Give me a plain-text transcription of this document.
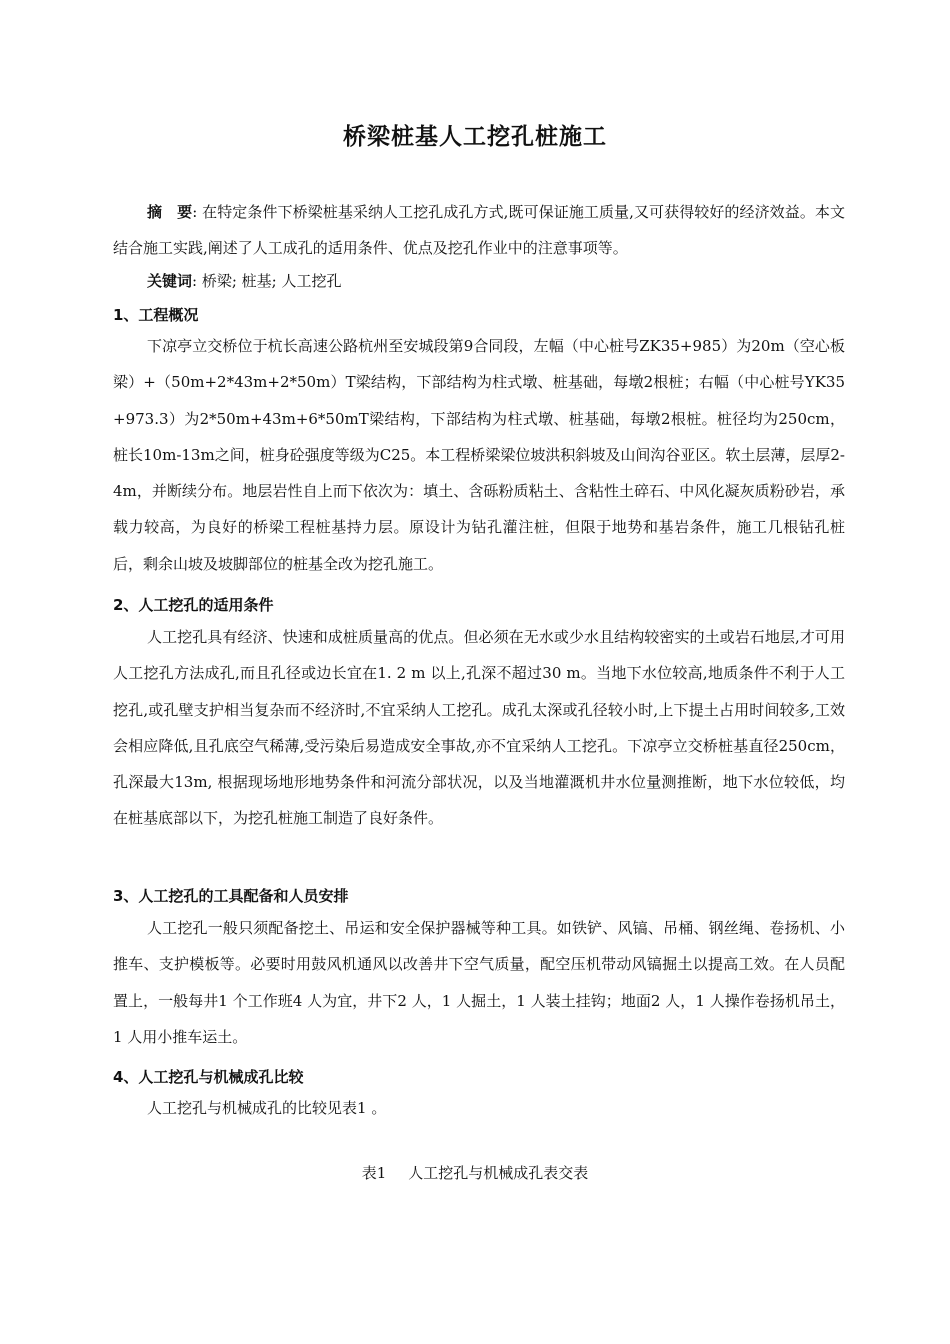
桥梁桩基人工挖孔桩施工
摘　要: 在特定条件下桥梁桩基采纳人工挖孔成孔方式,既可保证施工质量,又可获得较好的经济效益。本文结合施工实践,阐述了人工成孔的适用条件、优点及挖孔作业中的注意事项等。
关键词: 桥梁; 桩基; 人工挖孔
1、工程概况
下凉亭立交桥位于杭长高速公路杭州至安城段第9合同段，左幅（中心桩号ZK35+985）为20m（空心板梁）+（50m+2*43m+2*50m）T梁结构，下部结构为柱式墩、桩基础，每墩2根桩；右幅（中心桩号YK35+973.3）为2*50m+43m+6*50mT梁结构，下部结构为柱式墩、桩基础，每墩2根桩。桩径均为250cm，桩长10m-13m之间，桩身砼强度等级为C25。本工程桥梁梁位坡洪积斜坡及山间沟谷亚区。软土层薄，层厚2-4m，并断续分布。地层岩性自上而下依次为：填土、含砾粉质粘土、含粘性土碎石、中风化凝灰质粉砂岩，承载力较高，为良好的桥梁工程桩基持力层。原设计为钻孔灌注桩，但限于地势和基岩条件，施工几根钻孔桩后，剩余山坡及坡脚部位的桩基全改为挖孔施工。
2、人工挖孔的适用条件
人工挖孔具有经济、快速和成桩质量高的优点。但必须在无水或少水且结构较密实的土或岩石地层,才可用人工挖孔方法成孔,而且孔径或边长宜在1. 2 m 以上,孔深不超过30 m。当地下水位较高,地质条件不利于人工挖孔,或孔壁支护相当复杂而不经济时,不宜采纳人工挖孔。成孔太深或孔径较小时,上下提土占用时间较多,工效会相应降低,且孔底空气稀薄,受污染后易造成安全事故,亦不宜采纳人工挖孔。下凉亭立交桥桩基直径250cm，孔深最大13m, 根据现场地形地势条件和河流分部状况，以及当地灌溉机井水位量测推断，地下水位较低，均在桩基底部以下，为挖孔桩施工制造了良好条件。
3、人工挖孔的工具配备和人员安排
人工挖孔一般只须配备挖土、吊运和安全保护器械等种工具。如铁铲、风镐、吊桶、钢丝绳、卷扬机、小推车、支护模板等。必要时用鼓风机通风以改善井下空气质量，配空压机带动风镐掘土以提高工效。在人员配置上，一般每井1 个工作班4 人为宜，井下2 人，1 人掘土，1 人装土挂钩；地面2 人，1 人操作卷扬机吊土，1 人用小推车运土。
4、人工挖孔与机械成孔比较
人工挖孔与机械成孔的比较见表1 。
表1 人工挖孔与机械成孔表交表
